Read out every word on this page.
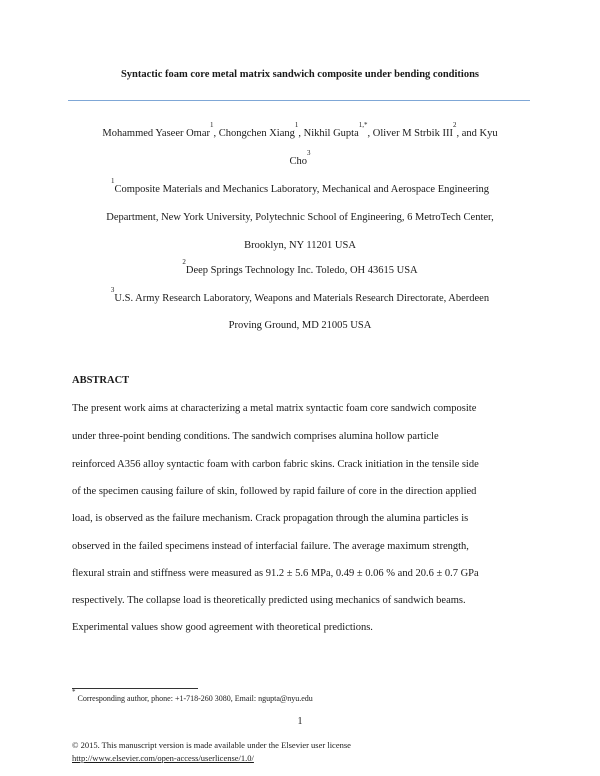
Syntactic foam core metal matrix sandwich composite under bending conditions
Mohammed Yaseer Omar$^1$, Chongchen Xiang$^1$, Nikhil Gupta$^{1,*}$, Oliver M Strbik III$^2$, and Kyu
Cho$^3$
$^1$Composite Materials and Mechanics Laboratory, Mechanical and Aerospace Engineering
Department, New York University, Polytechnic School of Engineering, 6 MetroTech Center,
Brooklyn, NY 11201 USA
$^2$Deep Springs Technology Inc. Toledo, OH 43615 USA
$^3$U.S. Army Research Laboratory, Weapons and Materials Research Directorate, Aberdeen
Proving Ground, MD 21005 USA
ABSTRACT
The present work aims at characterizing a metal matrix syntactic foam core sandwich composite
under three-point bending conditions. The sandwich comprises alumina hollow particle
reinforced A356 alloy syntactic foam with carbon fabric skins. Crack initiation in the tensile side
of the specimen causing failure of skin, followed by rapid failure of core in the direction applied
load, is observed as the failure mechanism. Crack propagation through the alumina particles is
observed in the failed specimens instead of interfacial failure. The average maximum strength,
flexural strain and stiffness were measured as 91.2 ± 5.6 MPa, 0.49 ± 0.06 % and 20.6 ± 0.7 GPa
respectively. The collapse load is theoretically predicted using mechanics of sandwich beams.
Experimental values show good agreement with theoretical predictions.
* Corresponding author, phone: +1-718-260 3080, Email: ngupta@nyu.edu
1
© 2015. This manuscript version is made available under the Elsevier user license
http://www.elsevier.com/open-access/userlicense/1.0/
